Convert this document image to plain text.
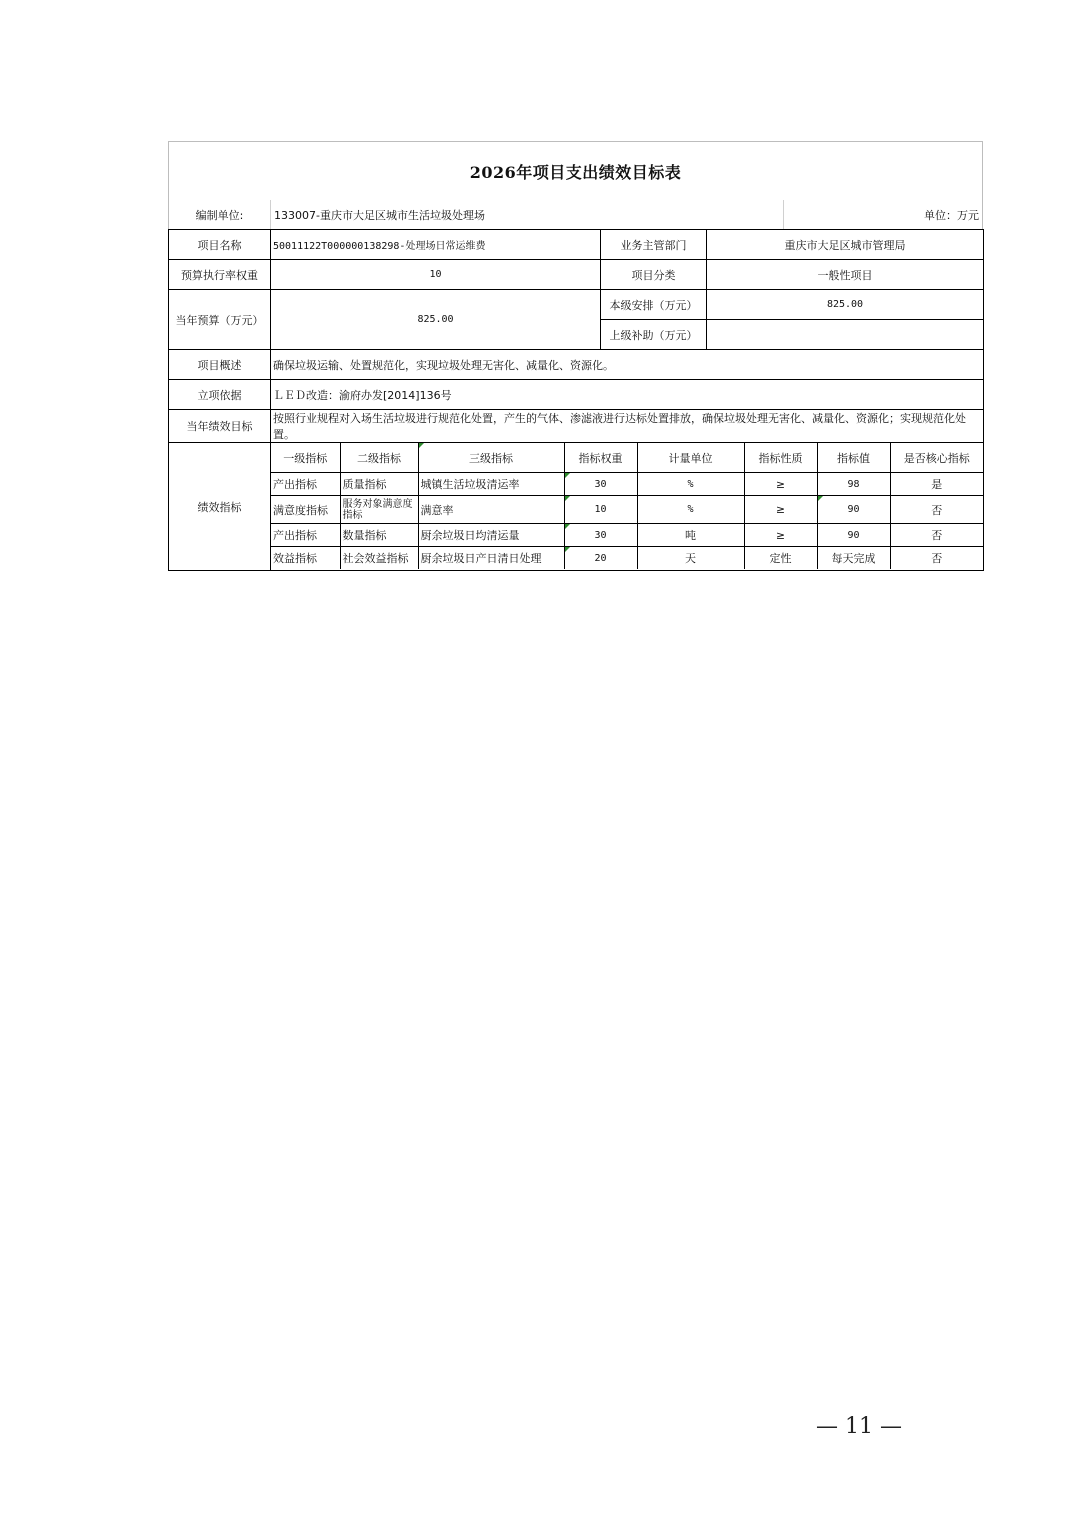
2026年项目支出绩效目标表
编制单位:	133007-重庆市大足区城市生活垃圾处理场	单位：万元
项目名称	50011122T000000138298-处理场日常运维费	业务主管部门	重庆市大足区城市管理局
预算执行率权重	10	项目分类	一般性项目
当年预算（万元）	825.00	本级安排（万元）	825.00
上级补助（万元）	
项目概述	确保垃圾运输、处置规范化，实现垃圾处理无害化、减量化、资源化。
立项依据	ＬＥＤ改造：渝府办发[2014]136号
当年绩效目标	按照行业规程对入场生活垃圾进行规范化处置，产生的气体、渗滤液进行达标处置排放，确保垃圾处理无害化、减量化、资源化；实现规范化处置。
绩效指标	
一级指标	二级指标	三级指标	指标权重	计量单位	指标性质	指标值	是否核心指标
产出指标	质量指标	城镇生活垃圾清运率	30	%	≥	98	是
满意度指标	服务对象满意度指标	满意率	10	%	≥	90	否
产出指标	数量指标	厨余垃圾日均清运量	30	吨	≥	90	否
效益指标	社会效益指标	厨余垃圾日产日清日处理	20	天	定性	每天完成	否
— 11 —
